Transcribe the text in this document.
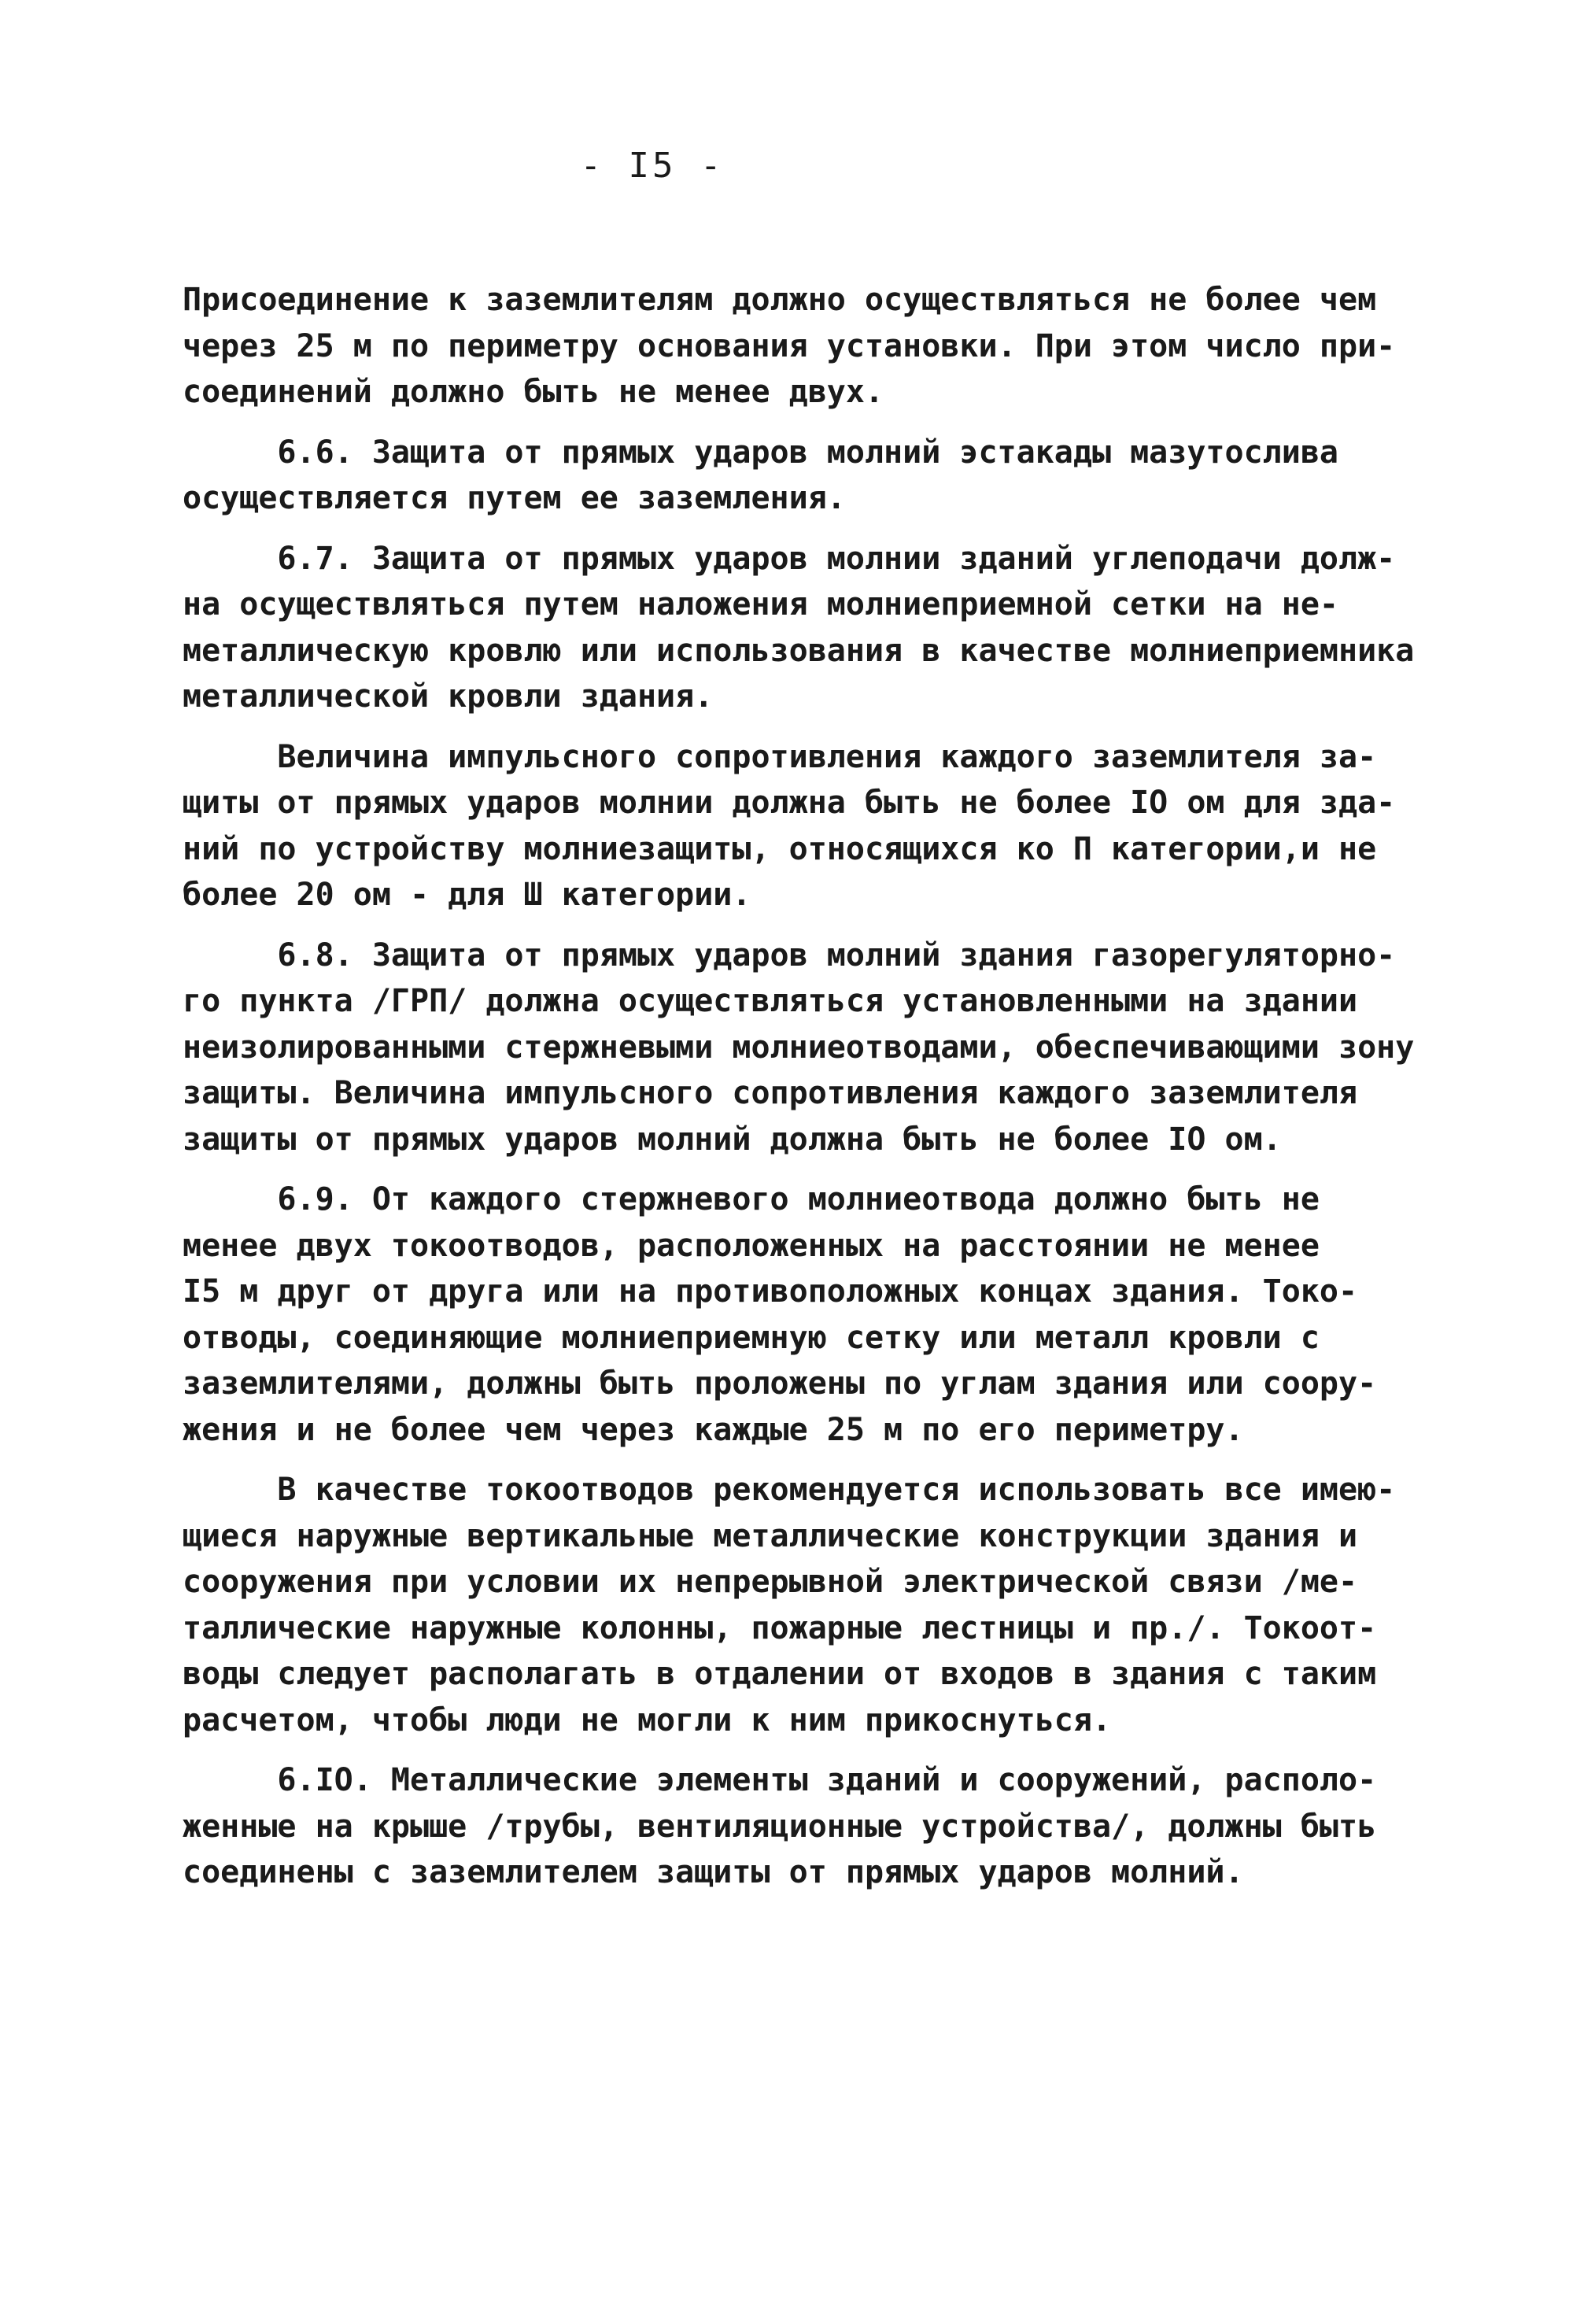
- I5 -
Присоединение к заземлителям должно осуществляться не более чем
через 25 м по периметру основания установки. При этом число при-
соединений должно быть не менее двух.
6.6. Защита от прямых ударов молний эстакады мазутослива
осуществляется путем ее заземления.
6.7. Защита от прямых ударов молнии зданий углеподачи долж-
на осуществляться путем наложения молниеприемной сетки на не-
металлическую кровлю или использования в качестве молниеприемника
металлической кровли здания.
Величина импульсного сопротивления каждого заземлителя за-
щиты от прямых ударов молнии должна быть не более IO ом для зда-
ний по устройству молниезащиты, относящихся ко П категории,и не
более 20 ом - для Ш категории.
6.8. Защита от прямых ударов молний здания газорегуляторно-
го пункта /ГРП/ должна осуществляться установленными на здании
неизолированными стержневыми молниеотводами, обеспечивающими зону
защиты. Величина импульсного сопротивления каждого заземлителя
защиты от прямых ударов молний должна быть не более IO ом.
6.9. От каждого стержневого молниеотвода должно быть не
менее двух токоотводов, расположенных на расстоянии не менее
I5 м друг от друга или на противоположных концах здания. Токо-
отводы, соединяющие молниеприемную сетку или металл кровли с
заземлителями, должны быть проложены по углам здания или соору-
жения и не более чем через каждые 25 м по его периметру.
В качестве токоотводов рекомендуется использовать все имею-
щиеся наружные вертикальные металлические конструкции здания и
сооружения при условии их непрерывной электрической связи /ме-
таллические наружные колонны, пожарные лестницы и пр./. Токоот-
воды следует располагать в отдалении от входов в здания с таким
расчетом, чтобы люди не могли к ним прикоснуться.
6.IO. Металлические элементы зданий и сооружений, располо-
женные на крыше /трубы, вентиляционные устройства/, должны быть
соединены с заземлителем защиты от прямых ударов молний.
